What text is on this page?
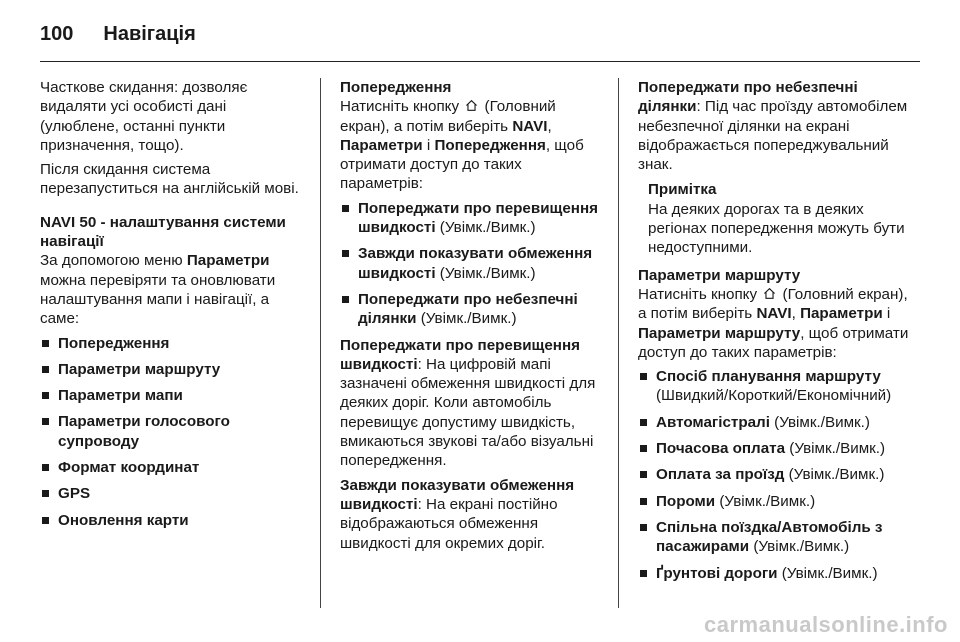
100 Навігація

Часткове скидання: дозволяє видаляти усі особисті дані (улюблене, останні пункти призначення, тощо).

Після скидання система перезапуститься на англійській мові.

NAVI 50 - налаштування системи навігації

За допомогою меню Параметри можна перевіряти та оновлювати налаштування мапи і навігації, а саме:

Попередження
Параметри маршруту
Параметри мапи
Параметри голосового супроводу
Формат координат
GPS
Оновлення карти
Попередження

Натисніть кнопку  (Головний екран), а потім виберіть NAVI, Параметри і Попередження, щоб отримати доступ до таких параметрів:

Попереджати про перевищення швидкості (Увімк./Вимк.)
Завжди показувати обмеження швидкості (Увімк./Вимк.)
Попереджати про небезпечні ділянки (Увімк./Вимк.)

Попереджати про перевищення швидкості: На цифровій мапі зазначені обмеження швидкості для деяких доріг. Коли автомобіль перевищує допустиму швидкість, вмикаються звукові та/або візуальні попередження.

Завжди показувати обмеження швидкості: На екрані постійно відображаються обмеження швидкості для окремих доріг.

Попереджати про небезпечні ділянки: Під час проїзду автомобілем небезпечної ділянки на екрані відображається попереджувальний знак.

Примітка
На деяких дорогах та в деяких регіонах попередження можуть бути недоступними.
Параметри маршруту

Натисніть кнопку  (Головний екран), а потім виберіть NAVI, Параметри і Параметри маршруту, щоб отримати доступ до таких параметрів:

Спосіб планування маршруту (Швидкий/Короткий/Економічний)
Автомагістралі (Увімк./Вимк.)
Почасова оплата (Увімк./Вимк.)
Оплата за проїзд (Увімк./Вимк.)
Пороми (Увімк./Вимк.)
Спільна поїздка/Автомобіль з пасажирами (Увімк./Вимк.)
Ґрунтові дороги (Увімк./Вимк.)
carmanualsonline.info
